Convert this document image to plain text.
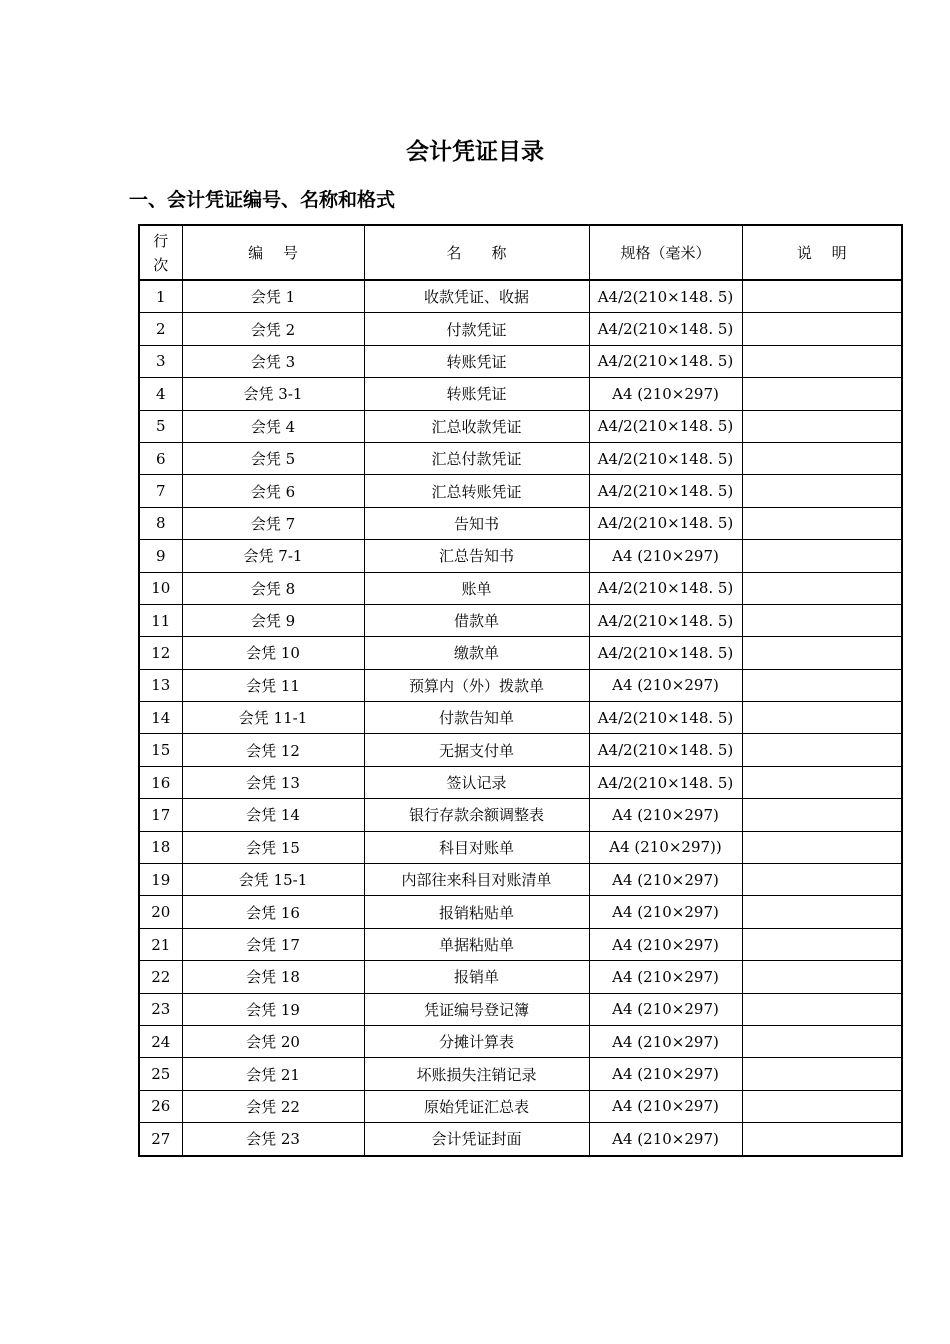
会计凭证目录
一、会计凭证编号、名称和格式
行
次	编　 号	名　　称	规格（毫米）	说　 明
1	会凭 1	收款凭证、收据	A4/2(210×148. 5)	
2	会凭 2	付款凭证	A4/2(210×148. 5)	
3	会凭 3	转账凭证	A4/2(210×148. 5)	
4	会凭 3-1	转账凭证	A4 (210×297)	
5	会凭 4	汇总收款凭证	A4/2(210×148. 5)	
6	会凭 5	汇总付款凭证	A4/2(210×148. 5)	
7	会凭 6	汇总转账凭证	A4/2(210×148. 5)	
8	会凭 7	告知书	A4/2(210×148. 5)	
9	会凭 7-1	汇总告知书	A4 (210×297)	
10	会凭 8	账单	A4/2(210×148. 5)	
11	会凭 9	借款单	A4/2(210×148. 5)	
12	会凭 10	缴款单	A4/2(210×148. 5)	
13	会凭 11	预算内（外）拨款单	A4 (210×297)	
14	会凭 11-1	付款告知单	A4/2(210×148. 5)	
15	会凭 12	无据支付单	A4/2(210×148. 5)	
16	会凭 13	签认记录	A4/2(210×148. 5)	
17	会凭 14	银行存款余额调整表	A4 (210×297)	
18	会凭 15	科目对账单	A4 (210×297))	
19	会凭 15-1	内部往来科目对账清单	A4 (210×297)	
20	会凭 16	报销粘贴单	A4 (210×297)	
21	会凭 17	单据粘贴单	A4 (210×297)	
22	会凭 18	报销单	A4 (210×297)	
23	会凭 19	凭证编号登记簿	A4 (210×297)	
24	会凭 20	分摊计算表	A4 (210×297)	
25	会凭 21	坏账损失注销记录	A4 (210×297)	
26	会凭 22	原始凭证汇总表	A4 (210×297)	
27	会凭 23	会计凭证封面	A4 (210×297)	
